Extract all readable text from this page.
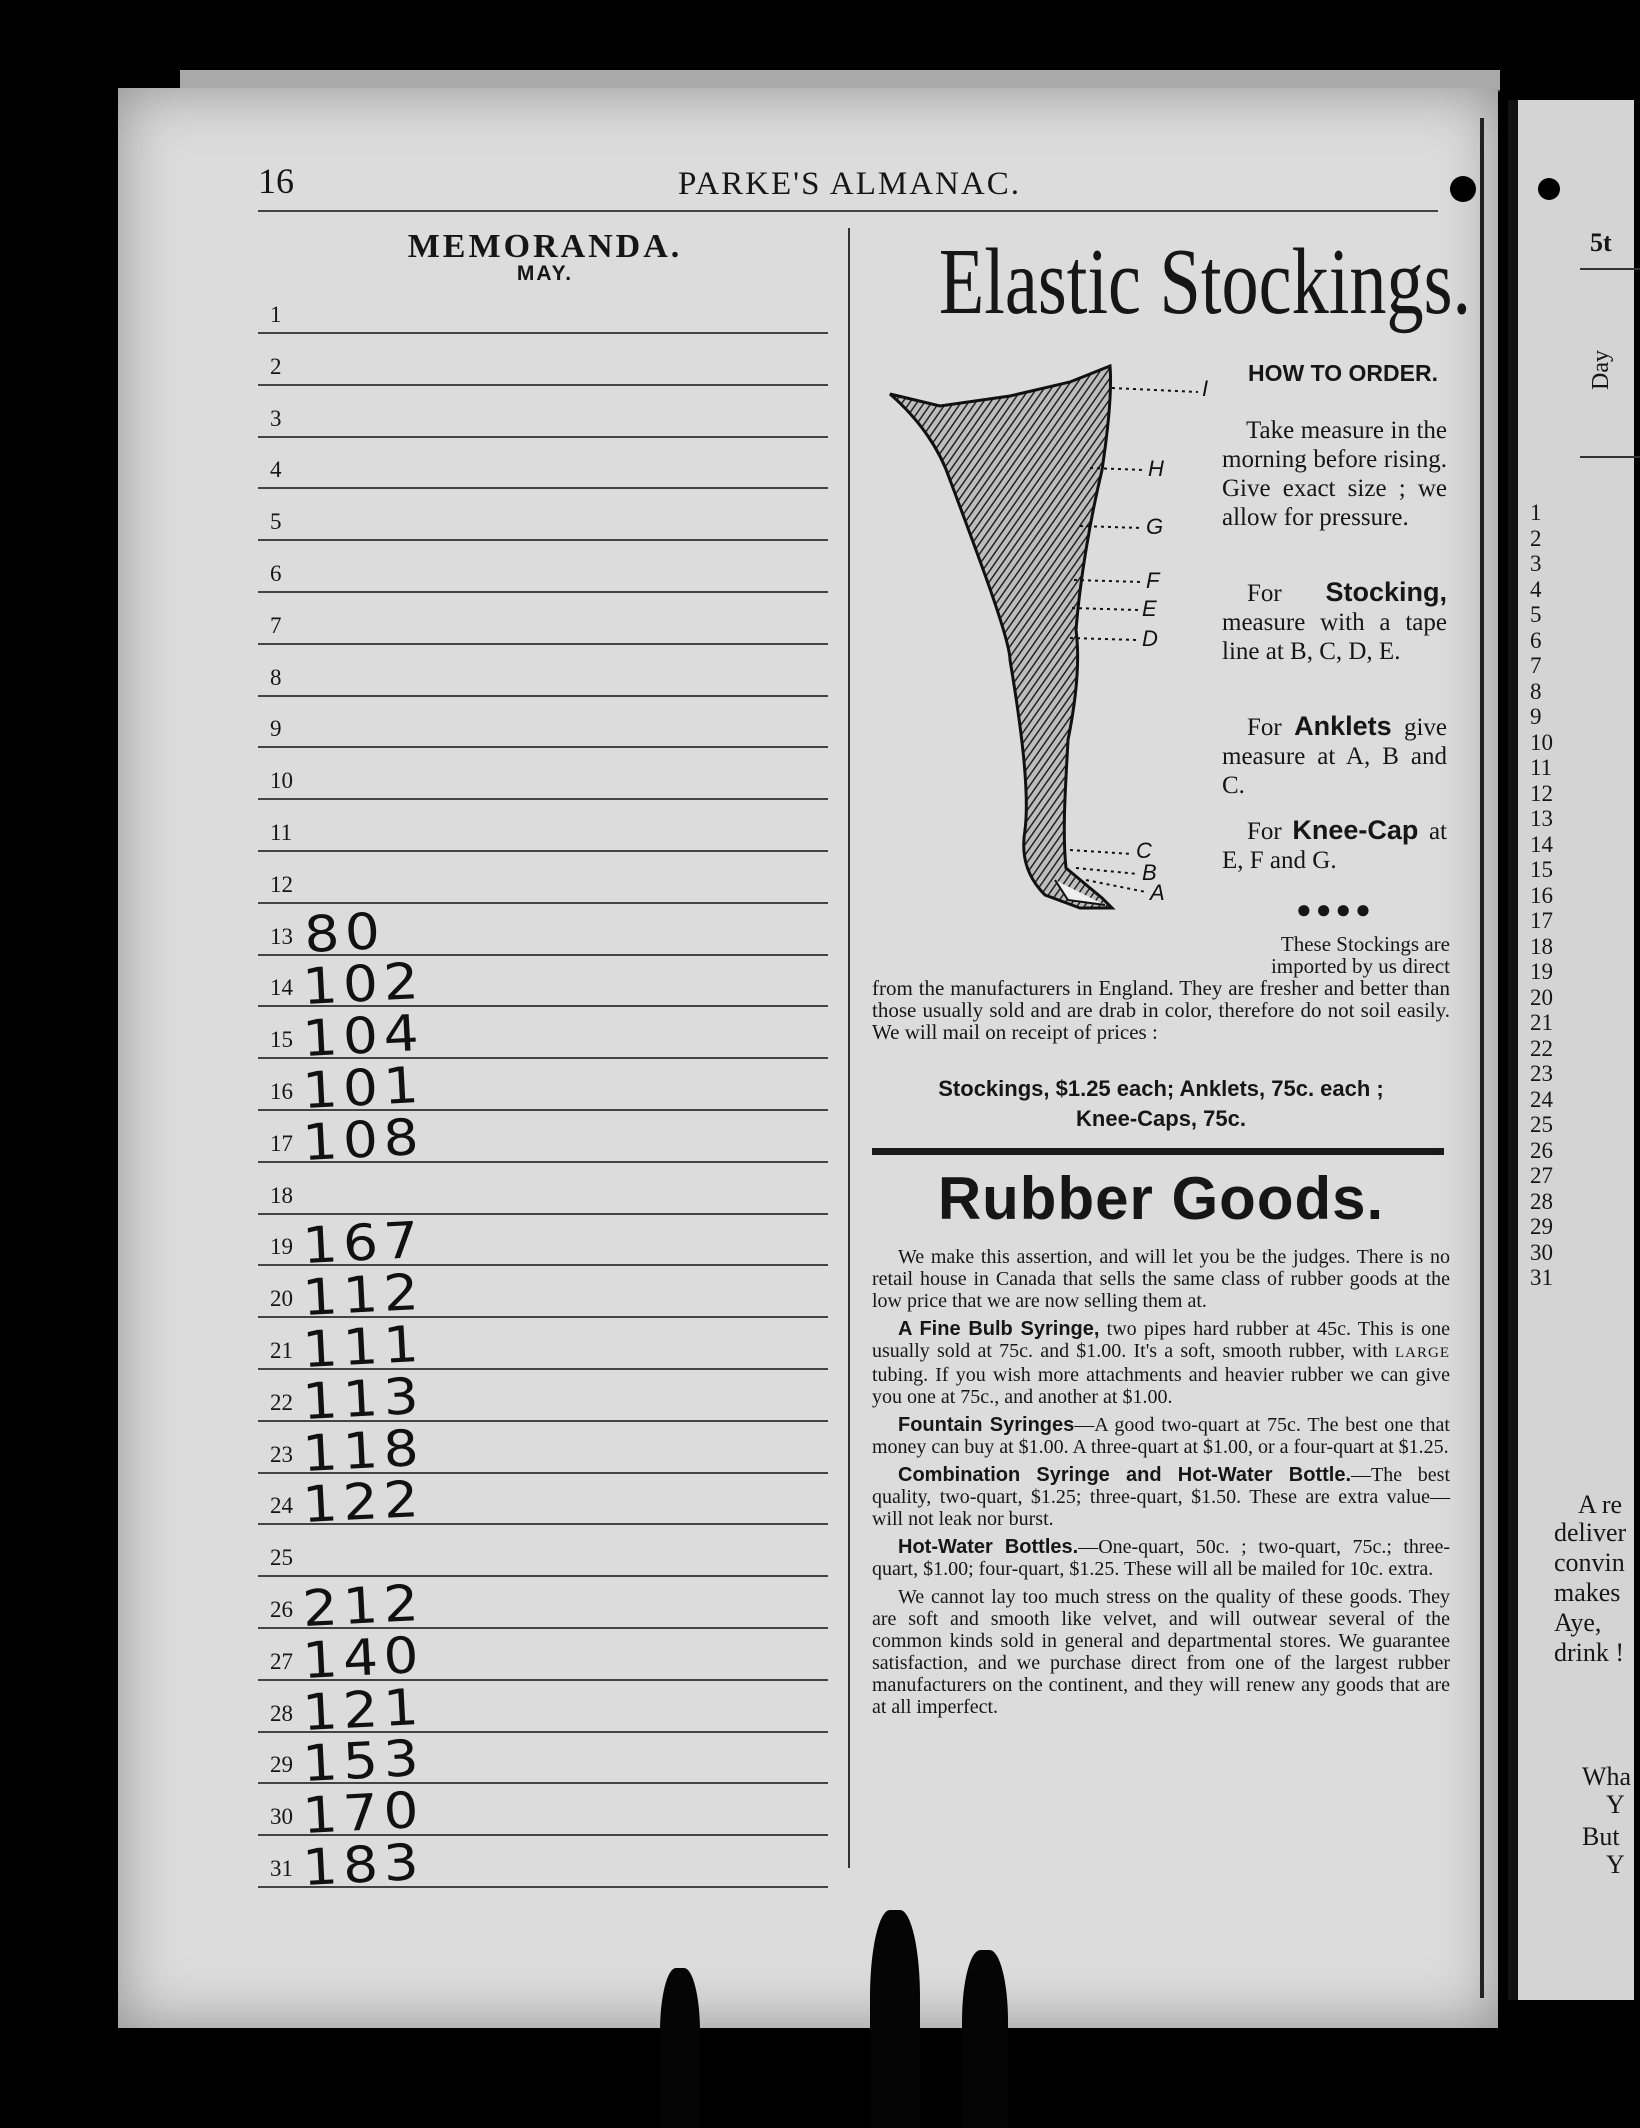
16	PARKE'S ALMANAC.
MEMORANDA.
MAY.
1
2
3
4
5
6
7
8
9
10
11
12
13 80
14 102
15 104
16 101
17 108
18
19 167
20 112
21 111
22 113
23 118
24 122
25
26 212
27 140
28 121
29 153
30 170
31 183
Elastic Stockings.
I
H
G
F
E
D
C
B
A
HOW TO ORDER.
Take measure in the morning before rising. Give exact size ; we allow for pressure.
 For Stocking, measure with a tape line at B, C, D, E.
 For Anklets give measure at A, B and C.
 For Knee-Cap at E, F and G.
●●●●
These Stockings are imported by us direct
from the manufacturers in England. They are fresher and better than those usually sold and are drab in color, therefore do not soil easily. We will mail on receipt of prices :
Stockings, $1.25 each; Anklets, 75c. each ;
Knee-Caps, 75c.
Rubber Goods.

We make this assertion, and will let you be the judges. There is no retail house in Canada that sells the same class of rubber goods at the low price that we are now selling them at.

A Fine Bulb Syringe, two pipes hard rubber at 45c. This is one usually sold at 75c. and $1.00. It's a soft, smooth rubber, with LARGE tubing. If you wish more attachments and heavier rubber we can give you one at 75c., and another at $1.00.

Fountain Syringes—A good two-quart at 75c. The best one that money can buy at $1.00. A three-quart at $1.00, or a four-quart at $1.25.

Combination Syringe and Hot-Water Bottle.—The best quality, two-quart, $1.25; three-quart, $1.50. These are extra value—will not leak nor burst.

Hot-Water Bottles.—One-quart, 50c. ; two-quart, 75c.; three-quart, $1.00; four-quart, $1.25. These will all be mailed for 10c. extra.

We cannot lay too much stress on the quality of these goods. They are soft and smooth like velvet, and will outwear several of the common kinds sold in general and departmental stores. We guarantee satisfaction, and we purchase direct from one of the largest rubber manufacturers on the continent, and they will renew any goods that are at all imperfect.

5t
Day
1
2
3
4
5
6
7
8
9
10
11
12
13
14
15
16
17
18
19
20
21
22
23
24
25
26
27
28
29
30
31
A re
deliver
convin
makes
Aye,
drink !
Wha
Y
But
Y
